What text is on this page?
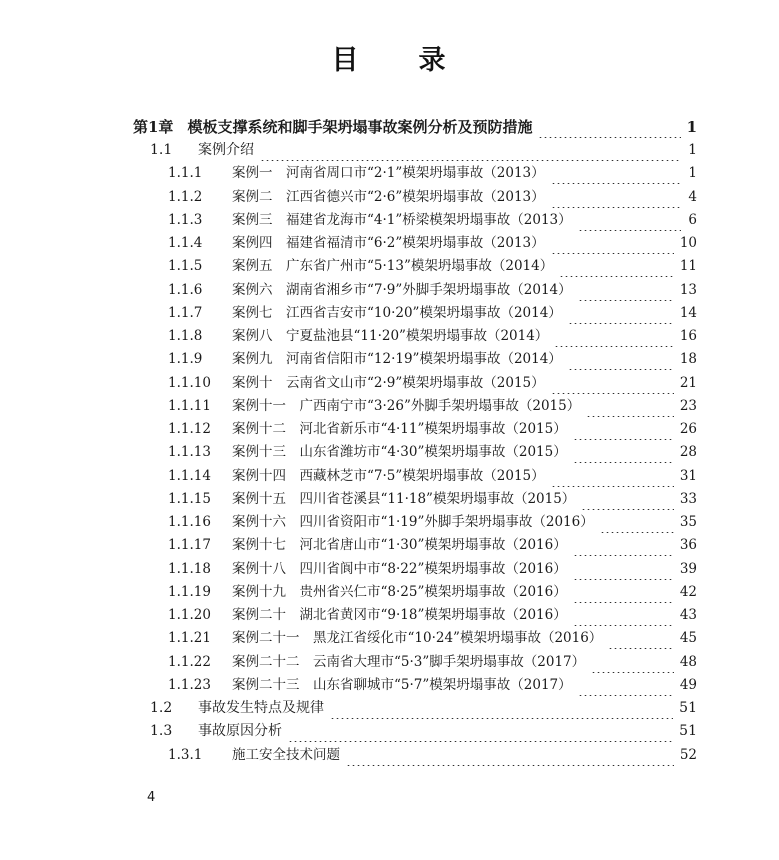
目 录
第1章 模板支撑系统和脚手架坍塌事故案例分析及预防措施	1
1.1	案例介绍	1
1.1.1	案例一　河南省周口市“2·1”模架坍塌事故（2013）	1
1.1.2	案例二　江西省德兴市“2·6”模架坍塌事故（2013）	4
1.1.3	案例三　福建省龙海市“4·1”桥梁模架坍塌事故（2013）	6
1.1.4	案例四　福建省福清市“6·2”模架坍塌事故（2013）	10
1.1.5	案例五　广东省广州市“5·13”模架坍塌事故（2014）	11
1.1.6	案例六　湖南省湘乡市“7·9”外脚手架坍塌事故（2014）	13
1.1.7	案例七　江西省吉安市“10·20”模架坍塌事故（2014）	14
1.1.8	案例八　宁夏盐池县“11·20”模架坍塌事故（2014）	16
1.1.9	案例九　河南省信阳市“12·19”模架坍塌事故（2014）	18
1.1.10	案例十　云南省文山市“2·9”模架坍塌事故（2015）	21
1.1.11	案例十一　广西南宁市“3·26”外脚手架坍塌事故（2015）	23
1.1.12	案例十二　河北省新乐市“4·11”模架坍塌事故（2015）	26
1.1.13	案例十三　山东省潍坊市“4·30”模架坍塌事故（2015）	28
1.1.14	案例十四　西藏林芝市“7·5”模架坍塌事故（2015）	31
1.1.15	案例十五　四川省苍溪县“11·18”模架坍塌事故（2015）	33
1.1.16	案例十六　四川省资阳市“1·19”外脚手架坍塌事故（2016）	35
1.1.17	案例十七　河北省唐山市“1·30”模架坍塌事故（2016）	36
1.1.18	案例十八　四川省阆中市“8·22”模架坍塌事故（2016）	39
1.1.19	案例十九　贵州省兴仁市“8·25”模架坍塌事故（2016）	42
1.1.20	案例二十　湖北省黄冈市“9·18”模架坍塌事故（2016）	43
1.1.21	案例二十一　黑龙江省绥化市“10·24”模架坍塌事故（2016）	45
1.1.22	案例二十二　云南省大理市“5·3”脚手架坍塌事故（2017）	48
1.1.23	案例二十三　山东省聊城市“5·7”模架坍塌事故（2017）	49
1.2	事故发生特点及规律	51
1.3	事故原因分析	51
1.3.1	施工安全技术问题	52
4
